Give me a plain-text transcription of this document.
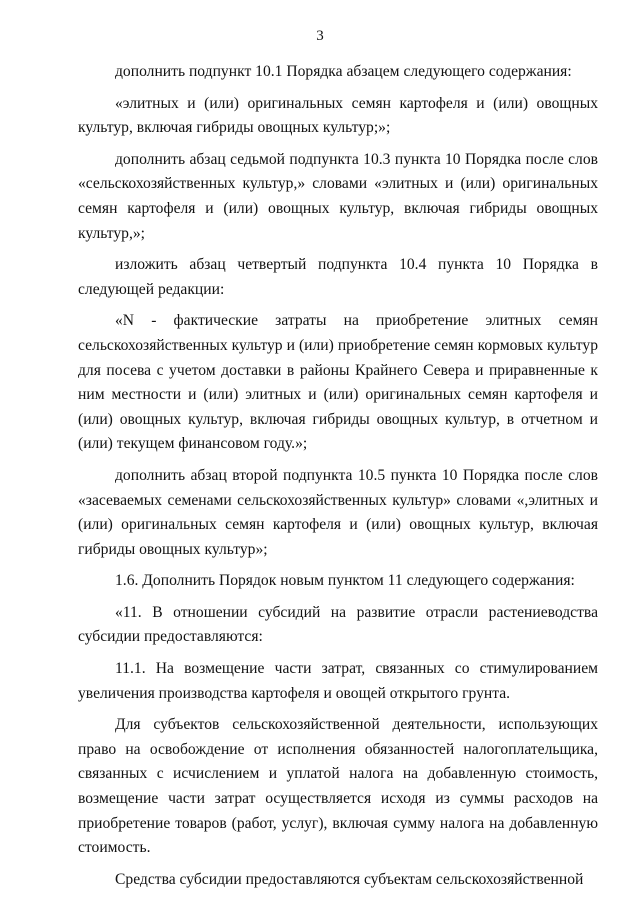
3

дополнить подпункт 10.1 Порядка абзацем следующего содержания:

«элитных и (или) оригинальных семян картофеля и (или) овощных культур, включая гибриды овощных культур;»;

дополнить абзац седьмой подпункта 10.3 пункта 10 Порядка после слов «сельскохозяйственных культур,» словами «элитных и (или) оригинальных семян картофеля и (или) овощных культур, включая гибриды овощных культур,»;

изложить абзац четвертый подпункта 10.4 пункта 10 Порядка в следующей редакции:

«N - фактические затраты на приобретение элитных семян сельскохозяйственных культур и (или) приобретение семян кормовых культур для посева с учетом доставки в районы Крайнего Севера и приравненные к ним местности и (или) элитных и (или) оригинальных семян картофеля и (или) овощных культур, включая гибриды овощных культур, в отчетном и (или) текущем финансовом году.»;

дополнить абзац второй подпункта 10.5 пункта 10 Порядка после слов «засеваемых семенами сельскохозяйственных культур» словами «,элитных и (или) оригинальных семян картофеля и (или) овощных культур, включая гибриды овощных культур»;

1.6. Дополнить Порядок новым пунктом 11 следующего содержания:

«11. В отношении субсидий на развитие отрасли растениеводства субсидии предоставляются:

11.1. На возмещение части затрат, связанных со стимулированием увеличения производства картофеля и овощей открытого грунта.

Для субъектов сельскохозяйственной деятельности, использующих право на освобождение от исполнения обязанностей налогоплательщика, связанных с исчислением и уплатой налога на добавленную стоимость, возмещение части затрат осуществляется исходя из суммы расходов на приобретение товаров (работ, услуг), включая сумму налога на добавленную стоимость.

Средства субсидии предоставляются субъектам сельскохозяйственной
